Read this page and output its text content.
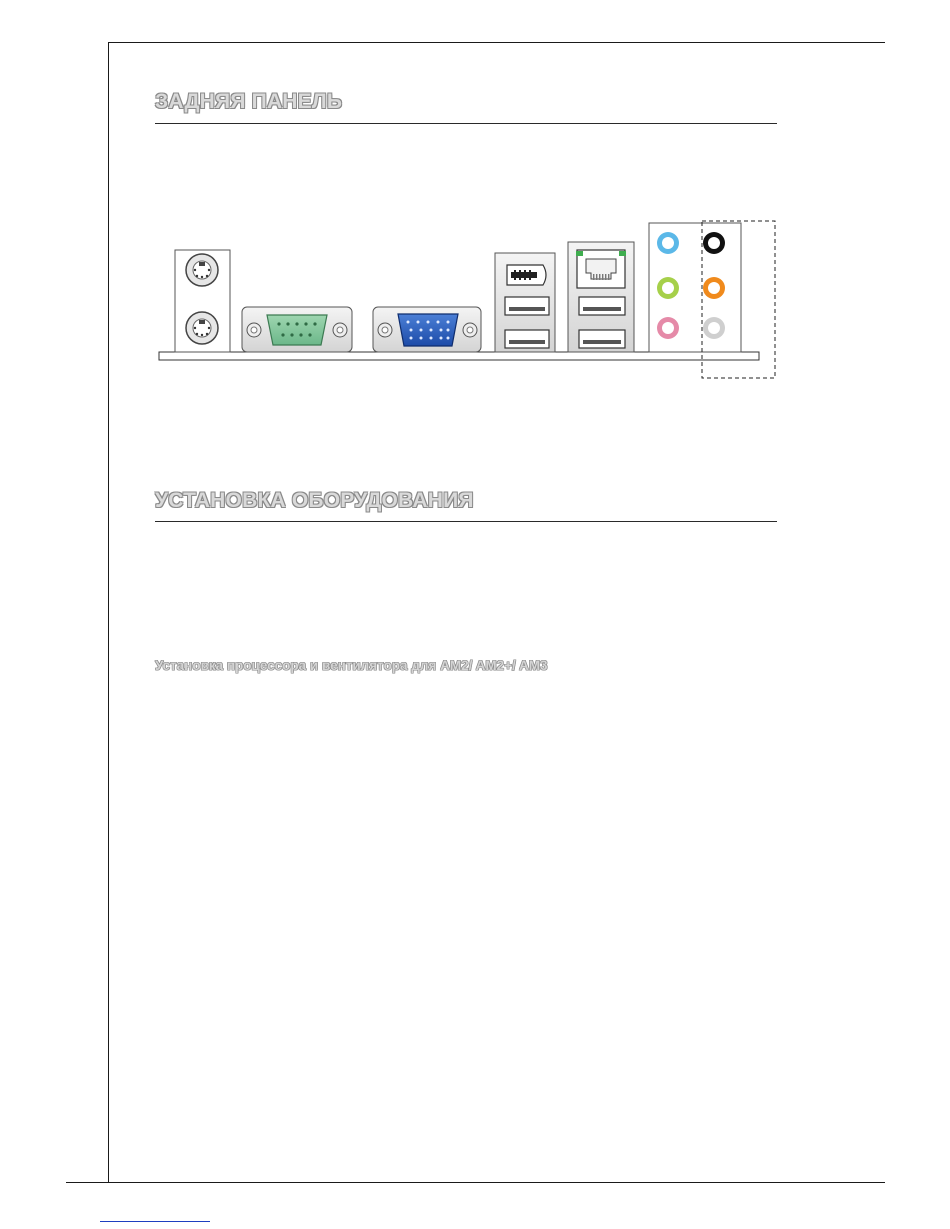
ЗАДНЯЯ ПАНЕЛЬ
УСТАНОВКА ОБОРУДОВАНИЯ
Установка процессора и вентилятора для AM2/ AM2+/ AM3
